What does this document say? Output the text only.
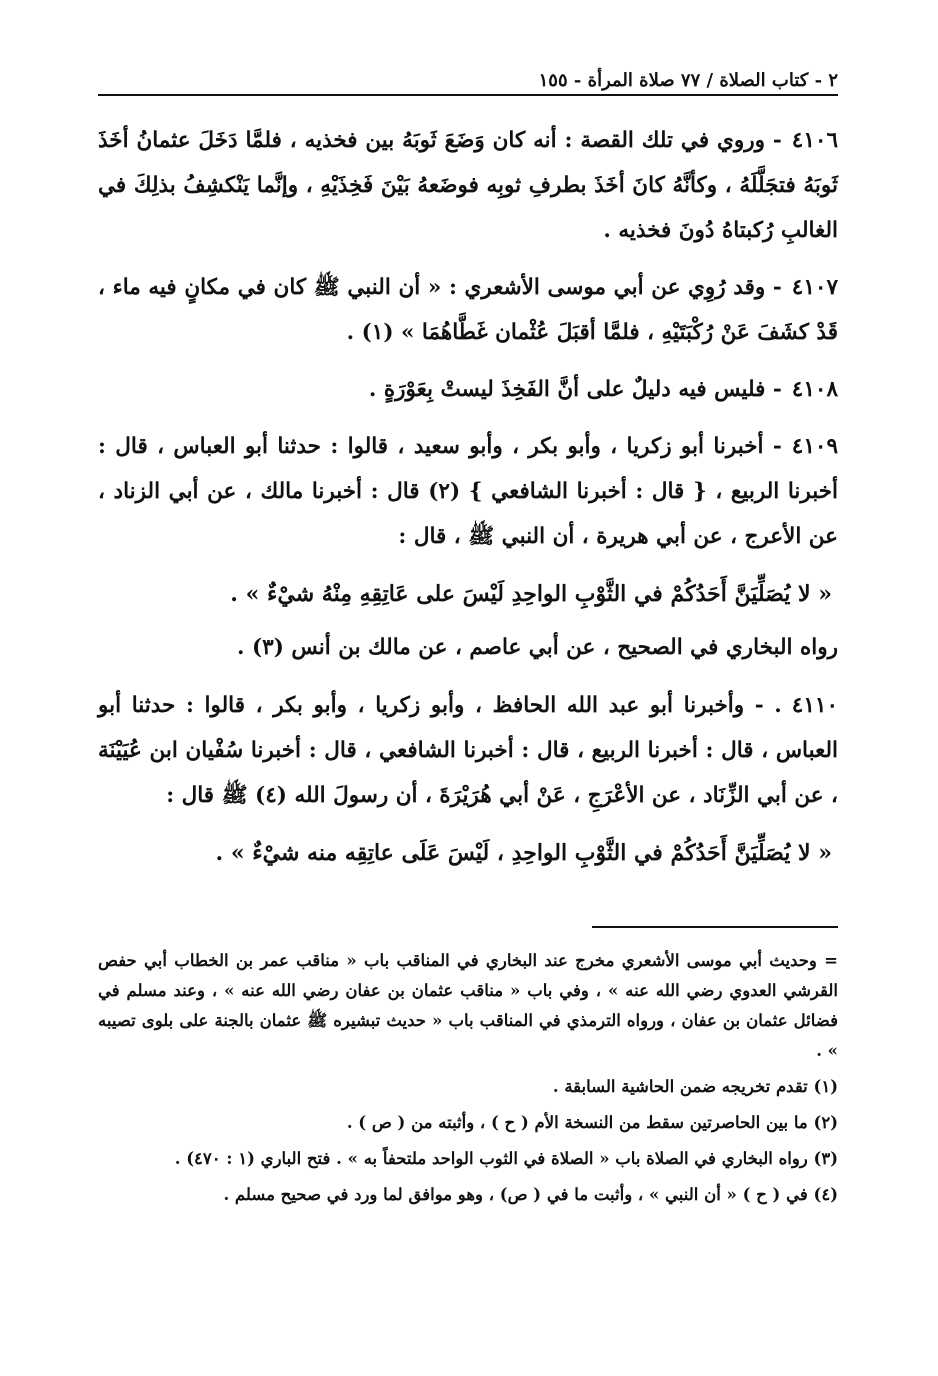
٢ - كتاب الصلاة / ٧٧ صلاة المرأة - ١٥٥

٤١٠٦- وروي في تلك القصة : أنه كان وَضَعَ ثَوبَهُ بين فخذيه ، فلمَّا دَخَلَ عثمانُ أخَذَ ثَوبَهُ فتجَلَّلَهُ ، وكأنَّهُ كانَ أخَذَ بطرفِ ثوبِه فوضَعهُ بَيْنَ فَخِذَيْهِ ، وإنَّما يَنْكشِفُ بذلِكَ في الغالبِ رُكبتاهُ دُونَ فخذيه .

٤١٠٧- وقد رُوِي عن أبي موسى الأشعري : « أن النبي ﷺ كان في مكانٍ فيه ماء ، قَدْ كشَفَ عَنْ رُكْبَتَيْهِ ، فلمَّا أقبَلَ عُثْمان غَطَّاهُمَا » (١) .

٤١٠٨- فليس فيه دليلٌ على أنَّ الفَخِذَ ليستْ بِعَوْرَةٍ .

٤١٠٩- أخبرنا أبو زكريا ، وأبو بكر ، وأبو سعيد ، قالوا : حدثنا أبو العباس ، قال : أخبرنا الربيع ، { قال : أخبرنا الشافعي } (٢) قال : أخبرنا مالك ، عن أبي الزناد ، عن الأعرج ، عن أبي هريرة ، أن النبي ﷺ ، قال :

« لا يُصَلِّيَنَّ أَحَدُكُمْ في الثَّوْبِ الواحِدِ لَيْسَ على عَاتِقِهِ مِنْهُ شيْءٌ » .

رواه البخاري في الصحيح ، عن أبي عاصم ، عن مالك بن أنس (٣) .

٤١١٠. - وأخبرنا أبو عبد الله الحافظ ، وأبو زكريا ، وأبو بكر ، قالوا : حدثنا أبو العباس ، قال : أخبرنا الربيع ، قال : أخبرنا الشافعي ، قال : أخبرنا سُفْيان ابن عُيَيْنَة ، عن أبي الزِّنَاد ، عن الأعْرَجِ ، عَنْ أبي هُرَيْرَةَ ، أن رسولَ الله (٤) ﷺ قال :

« لا يُصَلِّيَنَّ أَحَدُكُمْ في الثَّوْبِ الواحِدِ ، لَيْسَ عَلَى عاتِقِه منه شيْءٌ » .

= وحديث أبي موسى الأشعري مخرج عند البخاري في المناقب باب « مناقب عمر بن الخطاب أبي حفص القرشي العدوي رضي الله عنه » ، وفي باب « مناقب عثمان بن عفان رضي الله عنه » ، وعند مسلم في فضائل عثمان بن عفان ، ورواه الترمذي في المناقب باب « حديث تبشيره ﷺ عثمان بالجنة على بلوى تصيبه » .

(١) تقدم تخريجه ضمن الحاشية السابقة .

(٢) ما بين الحاصرتين سقط من النسخة الأم ( ح ) ، وأثبته من ( ص ) .

(٣) رواه البخاري في الصلاة باب « الصلاة في الثوب الواحد ملتحفاً به » . فتح الباري (١ : ٤٧٠) .

(٤) في ( ح ) « أن النبي » ، وأثبت ما في ( ص) ، وهو موافق لما ورد في صحيح مسلم .
